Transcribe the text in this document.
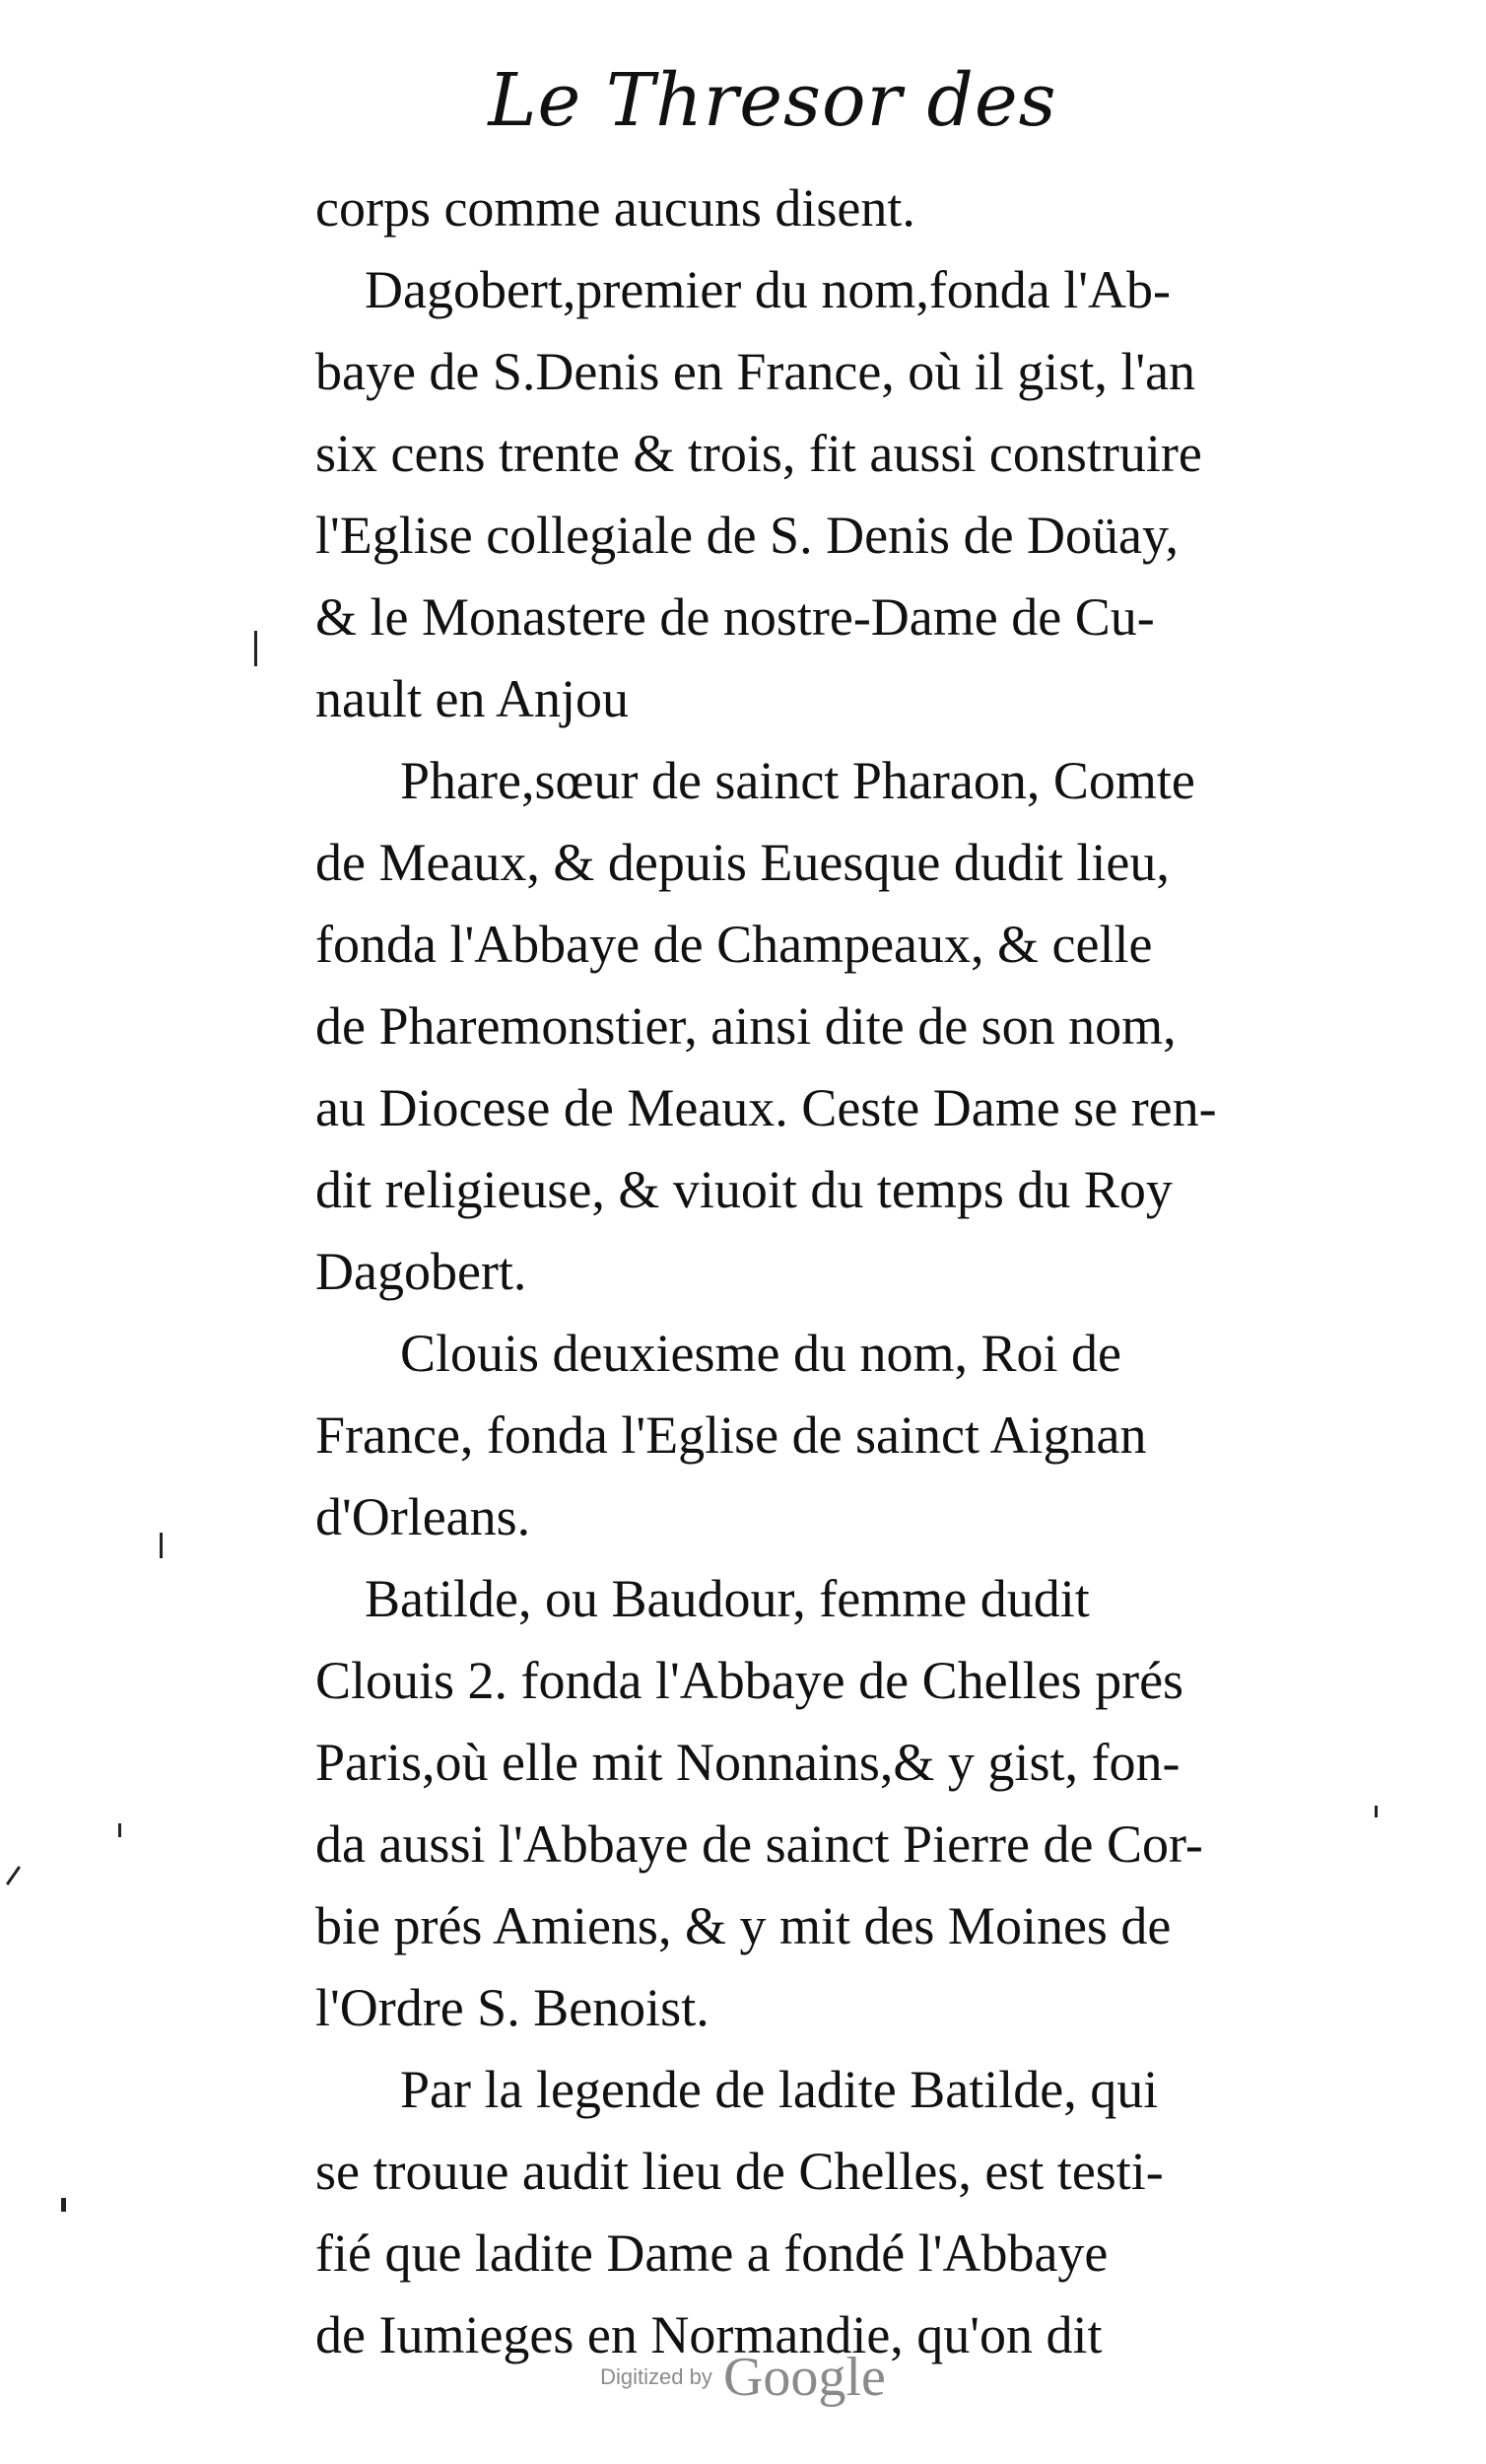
Le Thresor des
corps comme aucuns disent.
Dagobert,premier du nom,fonda l'Ab-
baye de S.Denis en France, où il gist, l'an
six cens trente & trois, fit aussi construire
l'Eglise collegiale de S. Denis de Doüay,
& le Monastere de nostre-Dame de Cu-
nault en Anjou
Phare,sœur de sainct Pharaon, Comte
de Meaux, & depuis Euesque dudit lieu,
fonda l'Abbaye de Champeaux, & celle
de Pharemonstier, ainsi dite de son nom,
au Diocese de Meaux. Ceste Dame se ren-
dit religieuse, & viuoit du temps du Roy
Dagobert.
Clouis deuxiesme du nom, Roi de
France, fonda l'Eglise de sainct Aignan
d'Orleans.
Batilde, ou Baudour, femme dudit
Clouis 2. fonda l'Abbaye de Chelles prés
Paris,où elle mit Nonnains,& y gist, fon-
da aussi l'Abbaye de sainct Pierre de Cor-
bie prés Amiens, & y mit des Moines de
l'Ordre S. Benoist.
Par la legende de ladite Batilde, qui
se trouue audit lieu de Chelles, est testi-
fié que ladite Dame a fondé l'Abbaye
de Iumieges en Normandie, qu'on dit
Digitized by Google
